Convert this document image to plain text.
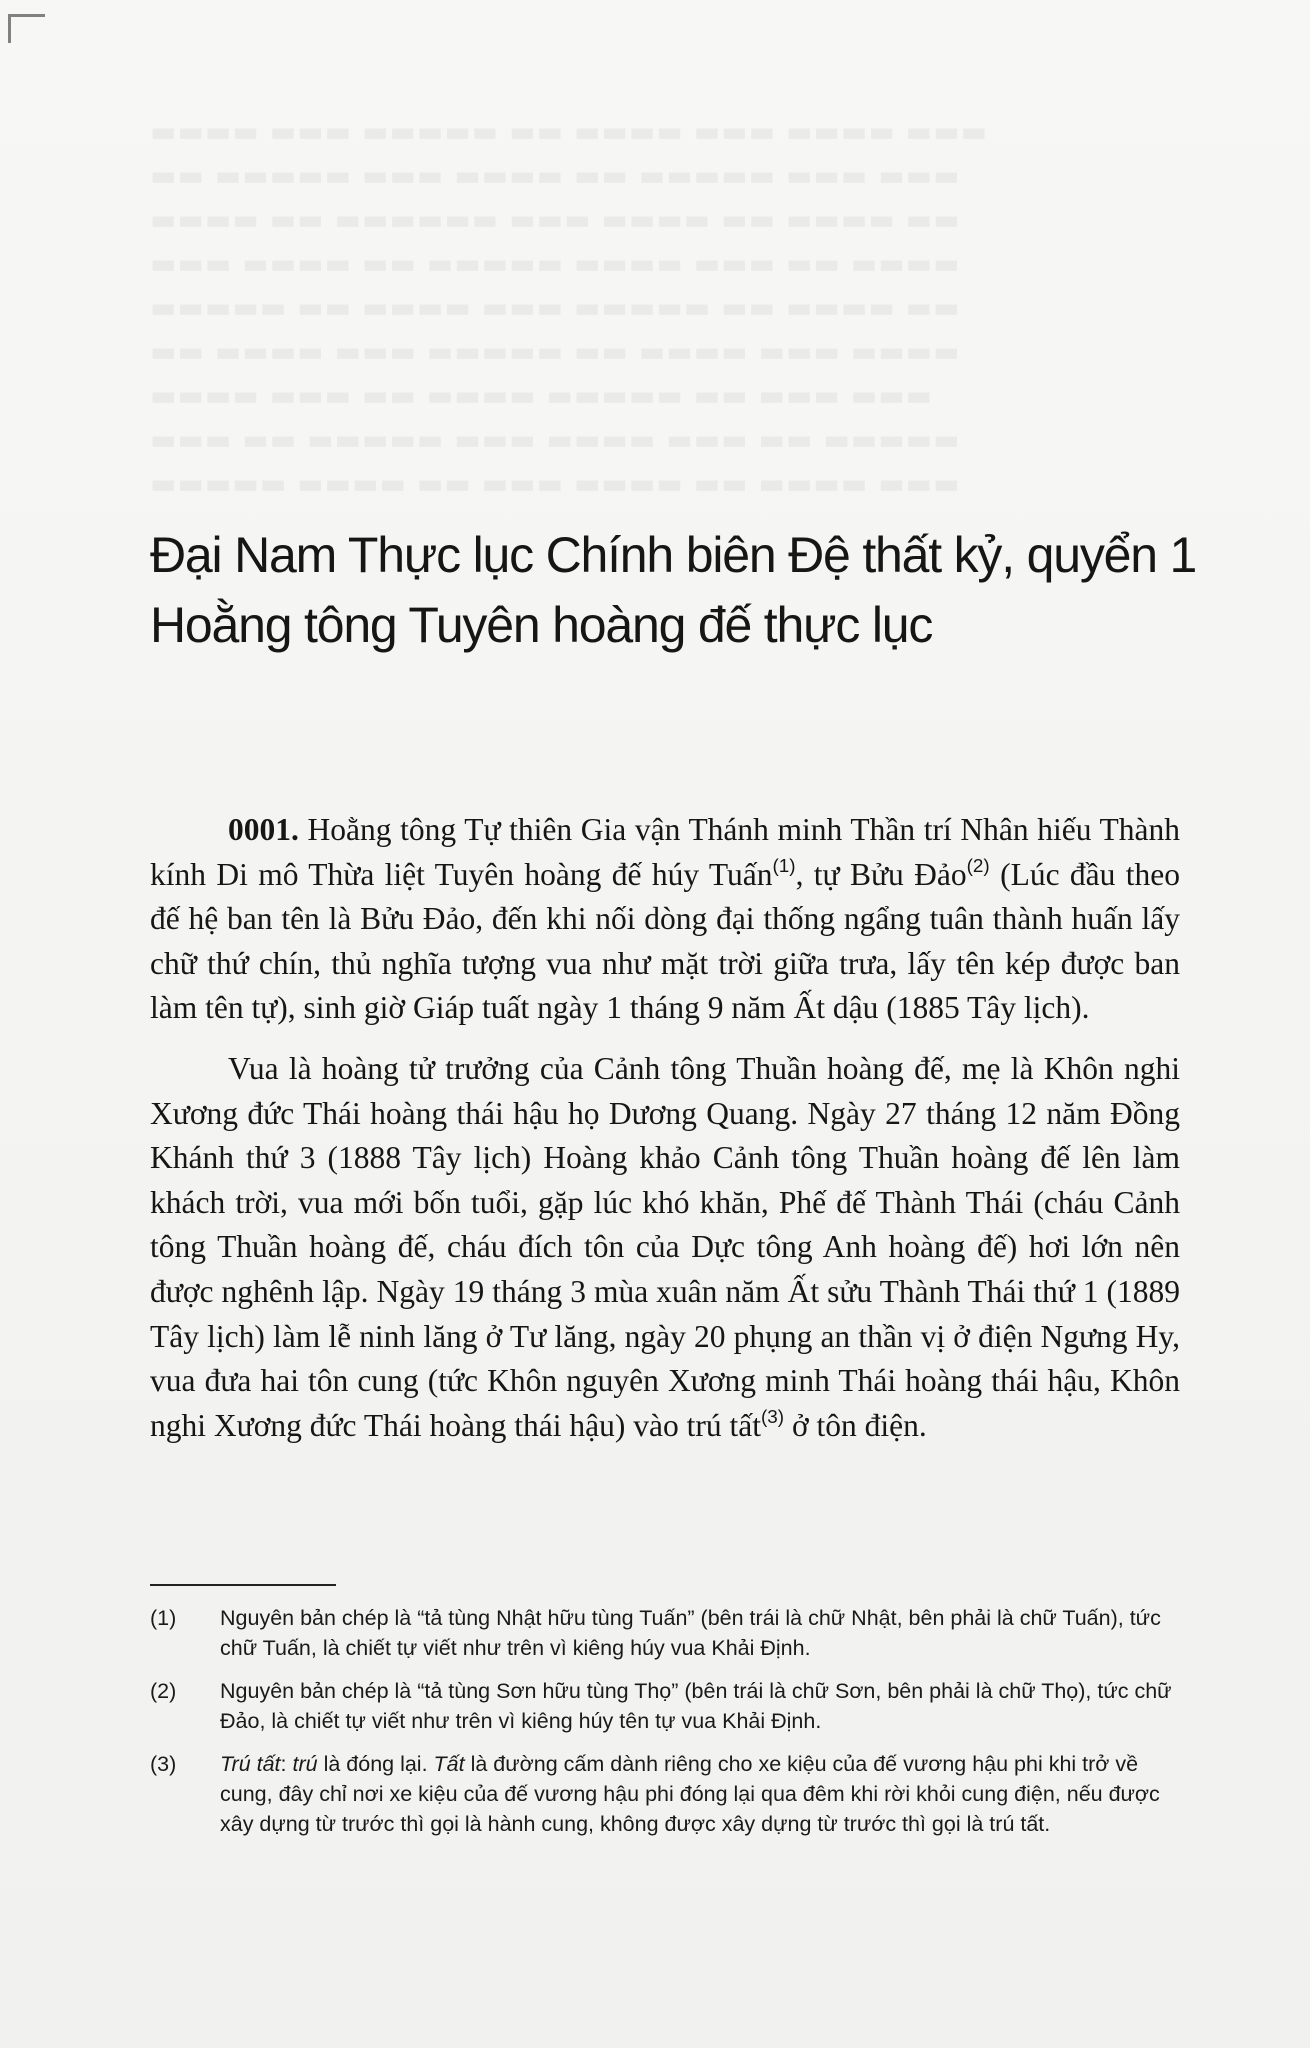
Đại Nam Thực lục Chính biên Đệ thất kỷ, quyển 1
Hoằng tông Tuyên hoàng đế thực lục

0001. Hoằng tông Tự thiên Gia vận Thánh minh Thần trí Nhân hiếu Thành kính Di mô Thừa liệt Tuyên hoàng đế húy Tuấn$^{(1)}$, tự Bửu Đảo$^{(2)}$ (Lúc đầu theo đế hệ ban tên là Bửu Đảo, đến khi nối dòng đại thống ngẩng tuân thành huấn lấy chữ thứ chín, thủ nghĩa tượng vua như mặt trời giữa trưa, lấy tên kép được ban làm tên tự), sinh giờ Giáp tuất ngày 1 tháng 9 năm Ất dậu (1885 Tây lịch).

Vua là hoàng tử trưởng của Cảnh tông Thuần hoàng đế, mẹ là Khôn nghi Xương đức Thái hoàng thái hậu họ Dương Quang. Ngày 27 tháng 12 năm Đồng Khánh thứ 3 (1888 Tây lịch) Hoàng khảo Cảnh tông Thuần hoàng đế lên làm khách trời, vua mới bốn tuổi, gặp lúc khó khăn, Phế đế Thành Thái (cháu Cảnh tông Thuần hoàng đế, cháu đích tôn của Dực tông Anh hoàng đế) hơi lớn nên được nghênh lập. Ngày 19 tháng 3 mùa xuân năm Ất sửu Thành Thái thứ 1 (1889 Tây lịch) làm lễ ninh lăng ở Tư lăng, ngày 20 phụng an thần vị ở điện Ngưng Hy, vua đưa hai tôn cung (tức Khôn nguyên Xương minh Thái hoàng thái hậu, Khôn nghi Xương đức Thái hoàng thái hậu) vào trú tất$^{(3)}$ ở tôn điện.

(1)	Nguyên bản chép là “tả tùng Nhật hữu tùng Tuấn” (bên trái là chữ Nhật, bên phải là chữ Tuấn), tức chữ Tuấn, là chiết tự viết như trên vì kiêng húy vua Khải Định.
(2)	Nguyên bản chép là “tả tùng Sơn hữu tùng Thọ” (bên trái là chữ Sơn, bên phải là chữ Thọ), tức chữ Đảo, là chiết tự viết như trên vì kiêng húy tên tự vua Khải Định.
(3)	Trú tất: trú là đóng lại. Tất là đường cấm dành riêng cho xe kiệu của đế vương hậu phi khi trở về cung, đây chỉ nơi xe kiệu của đế vương hậu phi đóng lại qua đêm khi rời khỏi cung điện, nếu được xây dựng từ trước thì gọi là hành cung, không được xây dựng từ trước thì gọi là trú tất.
